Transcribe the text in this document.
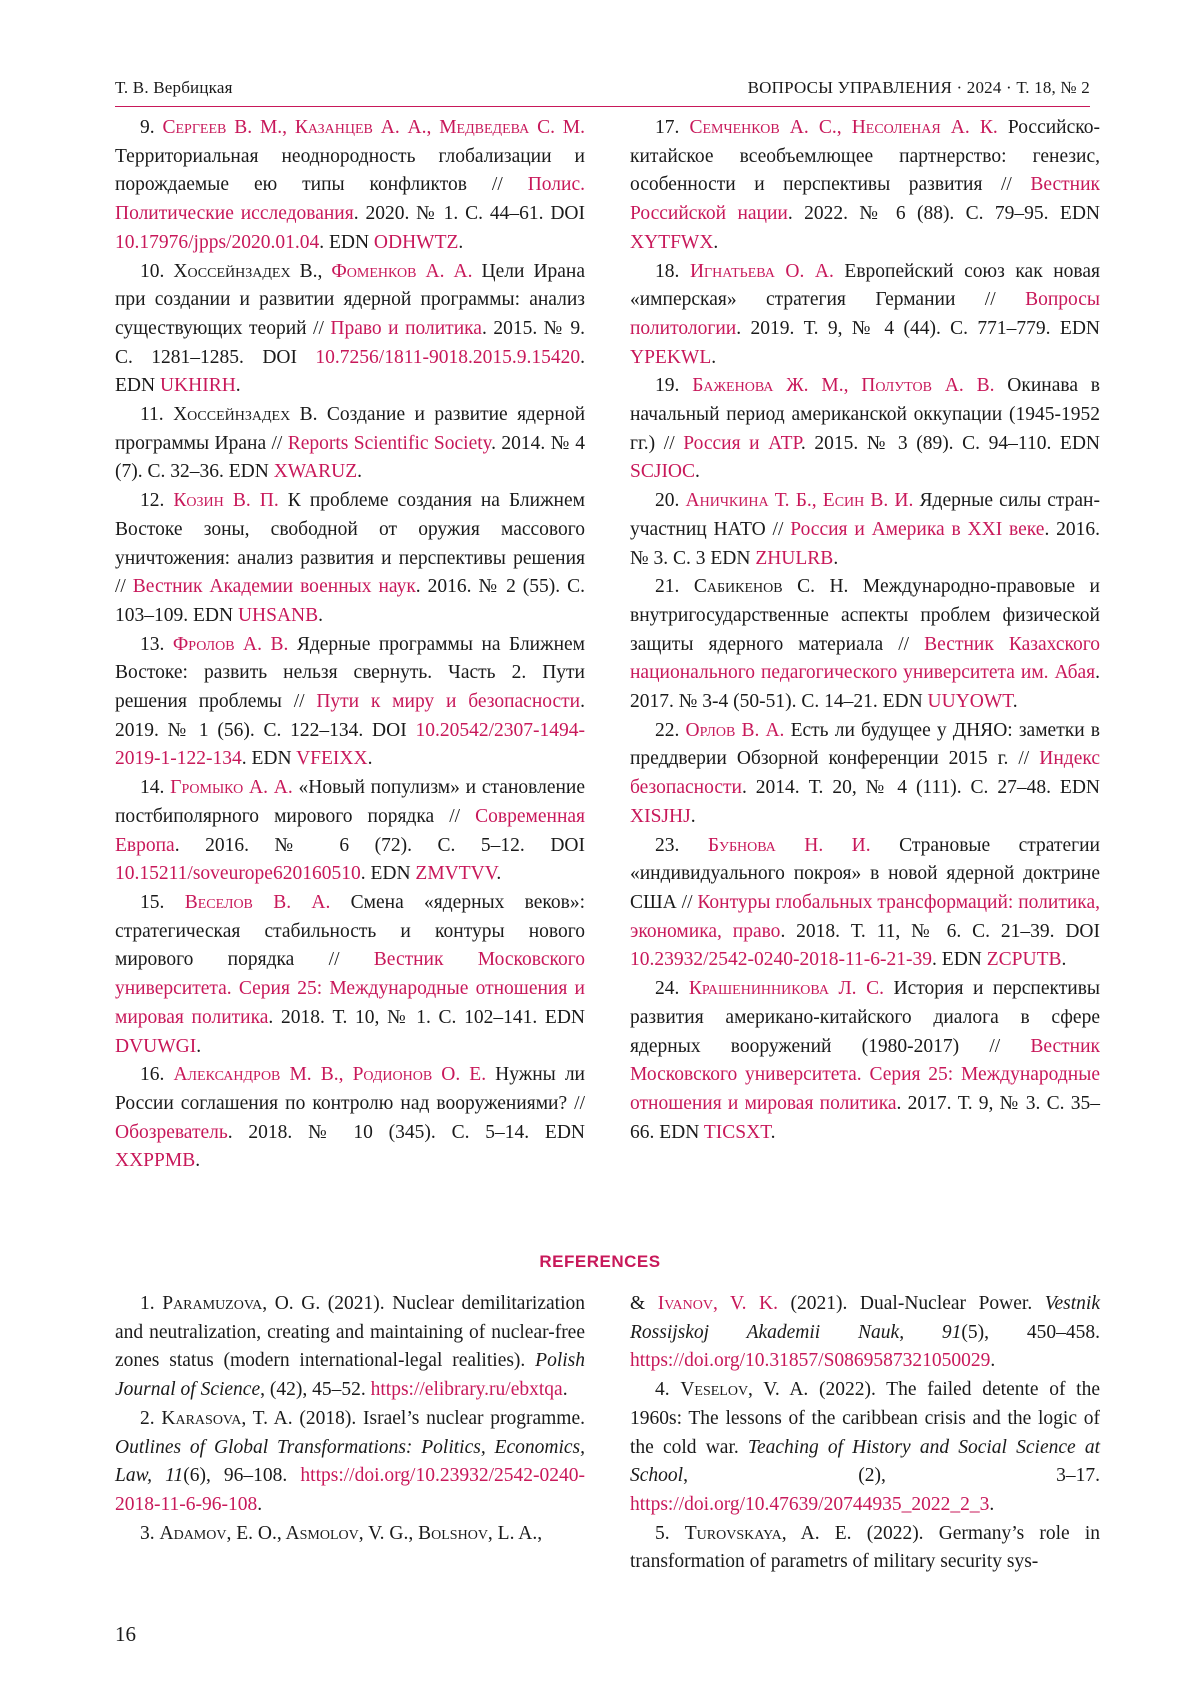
Т. В. Вербицкая	ВОПРОСЫ УПРАВЛЕНИЯ · 2024 · Т. 18, № 2

9. Сергеев В. М., Казанцев А. А., Медведева С. М. Территориальная неоднородность глобализации и порождаемые ею типы конфликтов // Полис. Политические исследования. 2020. № 1. С. 44–61. DOI 10.17976/jpps/2020.01.04. EDN ODHWTZ.

10. Хоссейнзадех В., Фоменков А. А. Цели Ирана при создании и развитии ядерной программы: анализ существующих теорий // Право и политика. 2015. № 9. С. 1281–1285. DOI 10.7256/1811-9018.2015.9.15420. EDN UKHIRH.

11. Хоссейнзадех В. Создание и развитие ядерной программы Ирана // Reports Scientific Society. 2014. № 4 (7). С. 32–36. EDN XWARUZ.

12. Козин В. П. К проблеме создания на Ближнем Востоке зоны, свободной от оружия массового уничтожения: анализ развития и перспективы решения // Вестник Академии военных наук. 2016. № 2 (55). С. 103–109. EDN UHSANB.

13. Фролов А. В. Ядерные программы на Ближнем Востоке: развить нельзя свернуть. Часть 2. Пути решения проблемы // Пути к миру и безопасности. 2019. № 1 (56). С. 122–134. DOI 10.20542/2307-1494-2019-1-122-134. EDN VFEIXX.

14. Громыко А. А. «Новый популизм» и становление постбиполярного мирового порядка // Современная Европа. 2016. № 6 (72). С. 5–12. DOI 10.15211/soveurope620160510. EDN ZMVTVV.

15. Веселов В. А. Смена «ядерных веков»: стратегическая стабильность и контуры нового мирового порядка // Вестник Московского университета. Серия 25: Международные отношения и мировая политика. 2018. Т. 10, № 1. С. 102–141. EDN DVUWGI.

16. Александров М. В., Родионов О. Е. Нужны ли России соглашения по контролю над вооружениями? // Обозреватель. 2018. № 10 (345). С. 5–14. EDN XXPPMB.

17. Семченков А. С., Несоленая А. К. Российско-китайское всеобъемлющее партнерство: генезис, особенности и перспективы развития // Вестник Российской нации. 2022. № 6 (88). С. 79–95. EDN XYTFWX.

18. Игнатьева О. А. Европейский союз как новая «имперская» стратегия Германии // Вопросы политологии. 2019. Т. 9, № 4 (44). С. 771–779. EDN YPEKWL.

19. Баженова Ж. М., Полутов А. В. Окинава в начальный период американской оккупации (1945-1952 гг.) // Россия и АТР. 2015. № 3 (89). С. 94–110. EDN SCJIOC.

20. Аничкина Т. Б., Есин В. И. Ядерные силы стран-участниц НАТО // Россия и Америка в XXI веке. 2016. № 3. С. 3 EDN ZHULRB.

21. Сабикенов С. Н. Международно-правовые и внутригосударственные аспекты проблем физической защиты ядерного материала // Вестник Казахского национального педагогического университета им. Абая. 2017. № 3-4 (50-51). С. 14–21. EDN UUYOWT.

22. Орлов В. А. Есть ли будущее у ДНЯО: заметки в преддверии Обзорной конференции 2015 г. // Индекс безопасности. 2014. Т. 20, № 4 (111). С. 27–48. EDN XISJHJ.

23. Бубнова Н. И. Страновые стратегии «индивидуального покроя» в новой ядерной доктрине США // Контуры глобальных трансформаций: политика, экономика, право. 2018. Т. 11, № 6. С. 21–39. DOI 10.23932/2542-0240-2018-11-6-21-39. EDN ZCPUTB.

24. Крашенинникова Л. С. История и перспективы развития американо-китайского диалога в сфере ядерных вооружений (1980-2017) // Вестник Московского университета. Серия 25: Международные отношения и мировая политика. 2017. Т. 9, № 3. С. 35–66. EDN TICSXT.

REFERENCES

1. Paramuzova, O. G. (2021). Nuclear demilitarization and neutralization, creating and maintaining of nuclear-free zones status (modern international-legal realities). Polish Journal of Science, (42), 45–52. https://elibrary.ru/ebxtqa.

2. Karasova, T. A. (2018). Israel’s nuclear programme. Outlines of Global Transformations: Politics, Economics, Law, 11(6), 96–108. https://doi.org/10.23932/2542-0240-2018-11-6-96-108.

3. Adamov, E. O., Asmolov, V. G., Bolshov, L. A.,

& Ivanov, V. K. (2021). Dual-Nuclear Power. Vestnik Rossijskoj Akademii Nauk, 91(5), 450–458. https://doi.org/10.31857/S0869587321050029.

4. Veselov, V. A. (2022). The failed detente of the 1960s: The lessons of the caribbean crisis and the logic of the cold war. Teaching of History and Social Science at School, (2), 3–17. https://doi.org/10.47639/20744935_2022_2_3.

5. Turovskaya, A. E. (2022). Germany’s role in transformation of parametrs of military security sys-

16
